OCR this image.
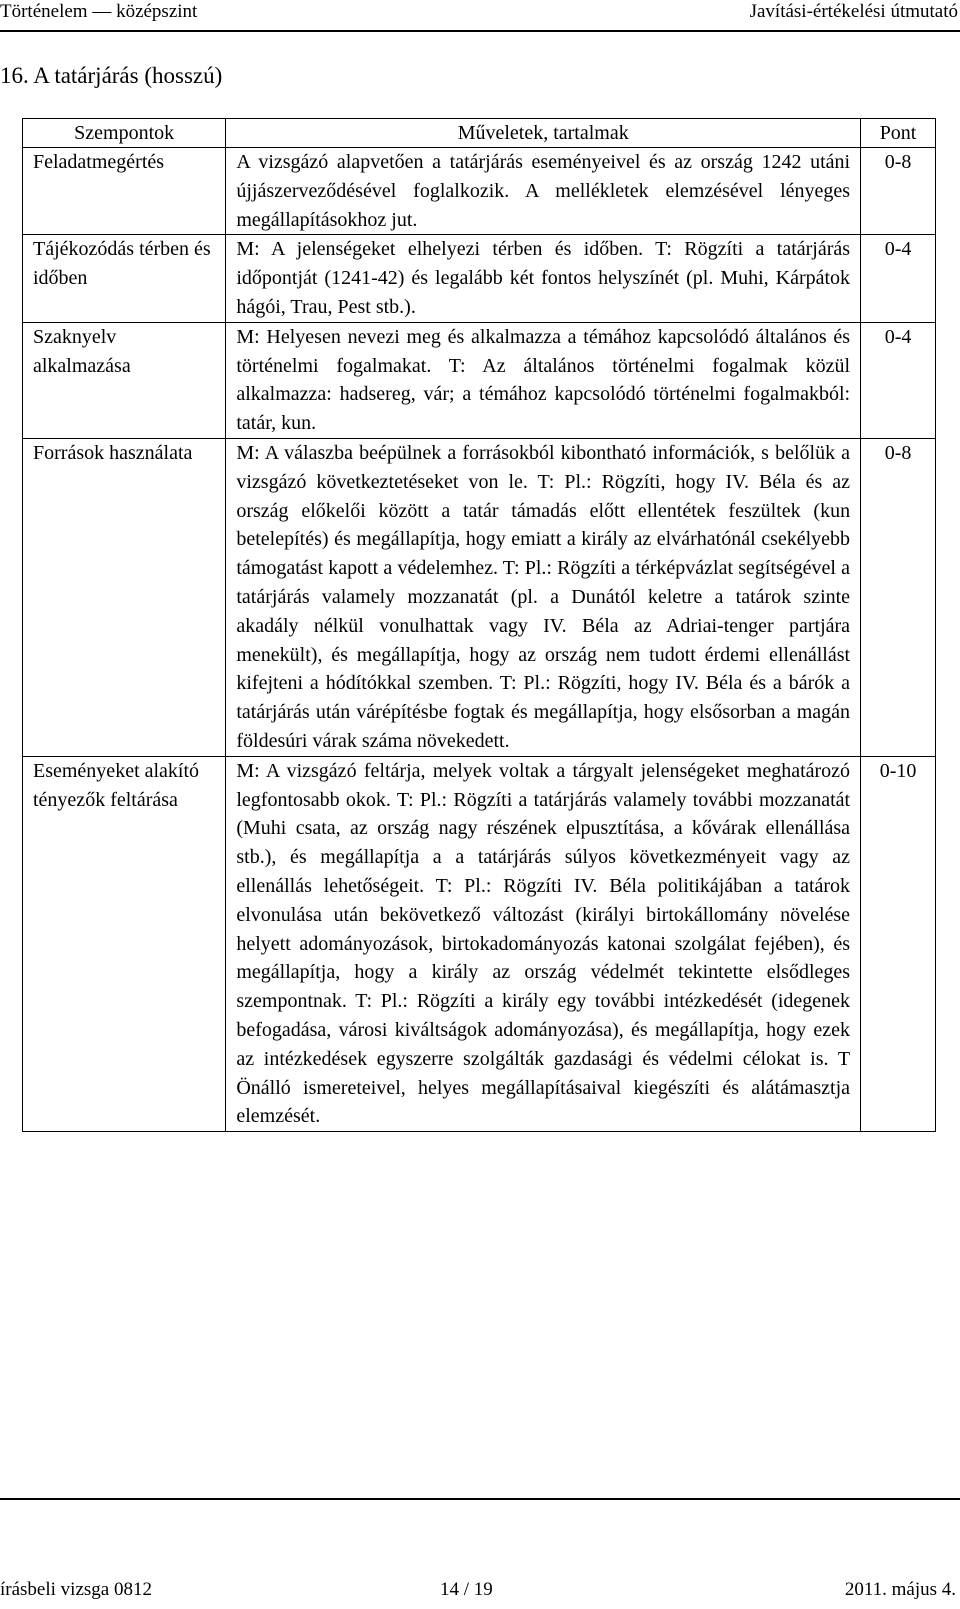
Történelem — középszint	Javítási-értékelési útmutató
16. A tatárjárás (hosszú)
Szempontok	Műveletek, tartalmak	Pont
Feladatmegértés	A vizsgázó alapvetően a tatárjárás eseményeivel és az ország 1242 utáni újjászerveződésével foglalkozik. A mellékletek elemzésével lényeges megállapításokhoz jut.	0-8
Tájékozódás térben és időben	M: A jelenségeket elhelyezi térben és időben. T: Rögzíti a tatárjárás időpontját (1241-42) és legalább két fontos helyszínét (pl. Muhi, Kárpátok hágói, Trau, Pest stb.).	0-4
Szaknyelv alkalmazása	M: Helyesen nevezi meg és alkalmazza a témához kapcsolódó általános és történelmi fogalmakat. T: Az általános történelmi fogalmak közül alkalmazza: hadsereg, vár; a témához kapcsolódó történelmi fogalmakból: tatár, kun.	0-4
Források használata	M: A válaszba beépülnek a forrásokból kibontható információk, s belőlük a vizsgázó következtetéseket von le. T: Pl.: Rögzíti, hogy IV. Béla és az ország előkelői között a tatár támadás előtt ellentétek feszültek (kun betelepítés) és megállapítja, hogy emiatt a király az elvárhatónál csekélyebb támogatást kapott a védelemhez. T: Pl.: Rögzíti a térképvázlat segítségével a tatárjárás valamely mozzanatát (pl. a Dunától keletre a tatárok szinte akadály nélkül vonulhattak vagy IV. Béla az Adriai-tenger partjára menekült), és megállapítja, hogy az ország nem tudott érdemi ellenállást kifejteni a hódítókkal szemben. T: Pl.: Rögzíti, hogy IV. Béla és a bárók a tatárjárás után várépítésbe fogtak és megállapítja, hogy elsősorban a magán földesúri várak száma növekedett.	0-8
Eseményeket alakító tényezők feltárása	M: A vizsgázó feltárja, melyek voltak a tárgyalt jelenségeket meghatározó legfontosabb okok. T: Pl.: Rögzíti a tatárjárás valamely további mozzanatát (Muhi csata, az ország nagy részének elpusztítása, a kővárak ellenállása stb.), és megállapítja a a tatárjárás súlyos következményeit vagy az ellenállás lehetőségeit. T: Pl.: Rögzíti IV. Béla politikájában a tatárok elvonulása után bekövetkező változást (királyi birtokállomány növelése helyett adományozások, birtokadományozás katonai szolgálat fejében), és megállapítja, hogy a király az ország védelmét tekintette elsődleges szempontnak. T: Pl.: Rögzíti a király egy további intézkedését (idegenek befogadása, városi kiváltságok adományozása), és megállapítja, hogy ezek az intézkedések egyszerre szolgálták gazdasági és védelmi célokat is. T Önálló ismereteivel, helyes megállapításaival kiegészíti és alátámasztja elemzését.	0-10
írásbeli vizsga 0812	14 / 19	2011. május 4.
